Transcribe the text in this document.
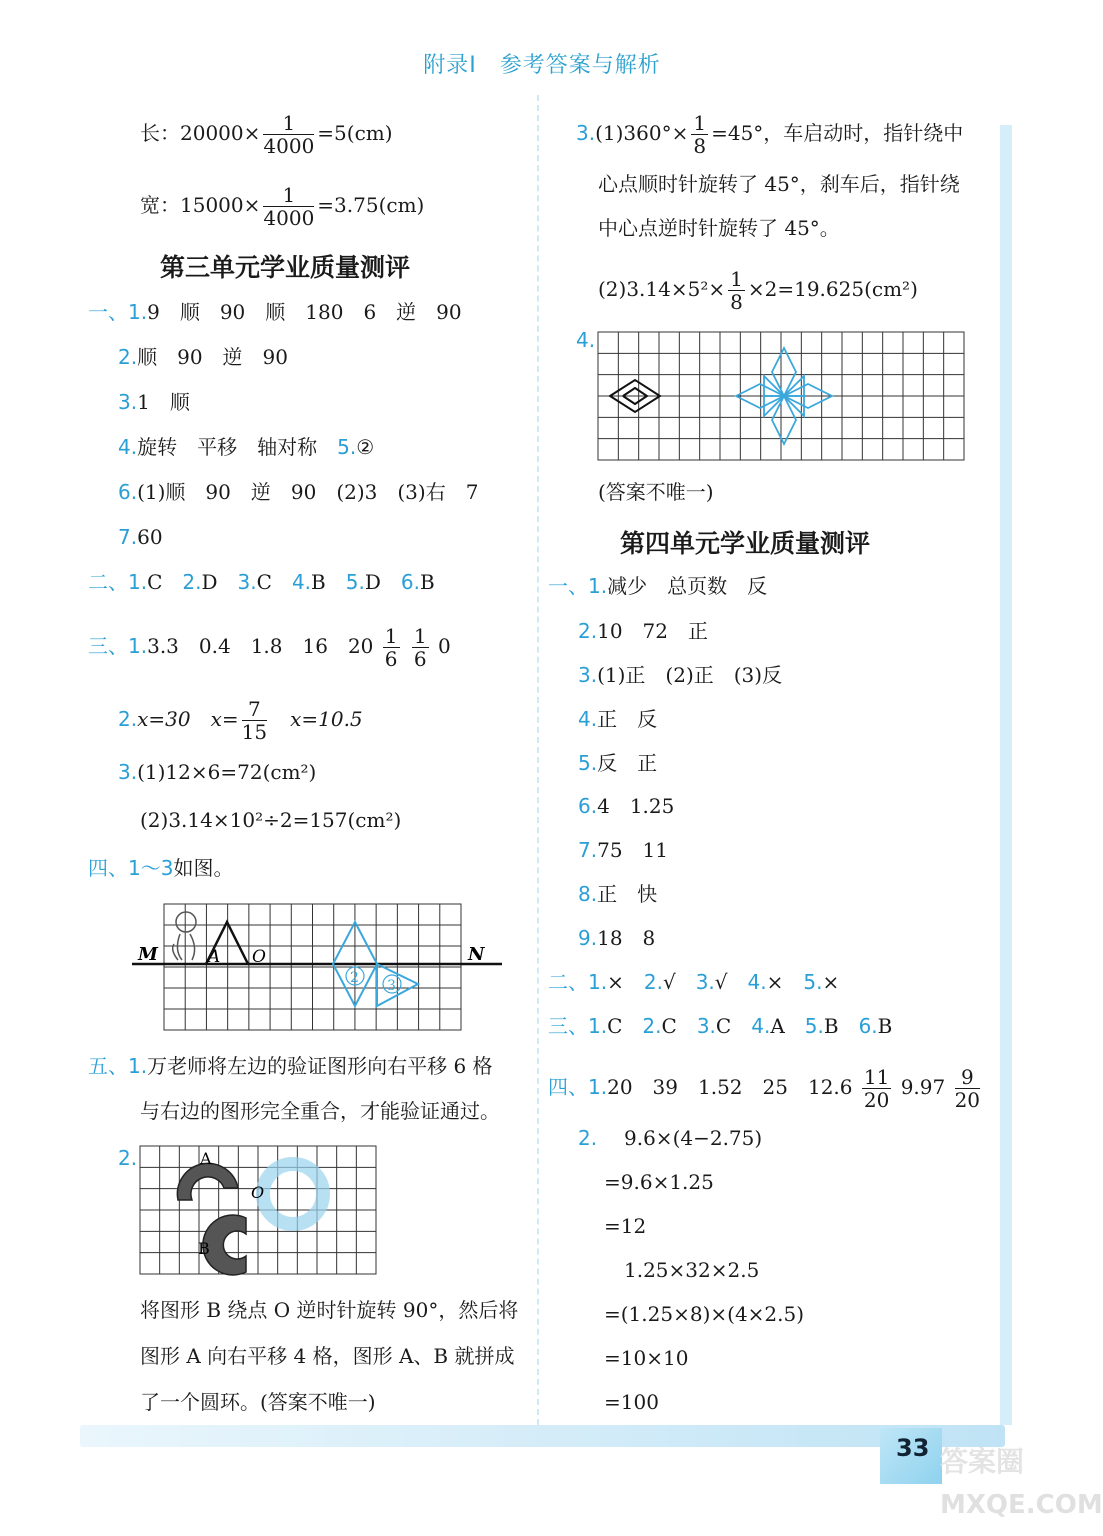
附录Ⅰ　参考答案与解析
长：$20000\times \frac{1}{4000} =5(cm)$
宽：$15000\times \frac{1}{4000} =3.75(cm)$
第三单元学业质量测评
一、1.9　顺　90　顺　180　6　逆　90
2.顺　90　逆　90
3.1　顺
4.旋转　平移　轴对称　5.②
6.(1)顺　90　逆　90　(2)3　(3)右　7
7.60
二、1.C　2.D　3.C　4.B　5.D　6.B
三、1.3.3　0.4　1.8　16　$20 \frac{1}{6}$
$\frac{1}{6} 0$
2.x=30　$x= \frac{7}{15}$
　 x=10.5
3.(1)12×6=72(cm²)
(2)3.14×10²÷2=157(cm²)
四、1～3如图。
M	A O	N
2 3
五、1.万老师将左边的验证图形向右平移 6 格
与右边的图形完全重合，才能验证通过。
2.	A
B
O
将图形 B 绕点 O 逆时针旋转 90°，然后将
图形 A 向右平移 4 格，图形 A、B 就拼成
了一个圆环。(答案不唯一)
$3.(1)360^\circ\times \frac{1}{8} =45^\circ$，车启动时，指针绕中
心点顺时针旋转了 45°，刹车后，指针绕
中心点逆时针旋转了 45°。
$(2)3.14\times 5^2\times \frac{1}{8} \times 2=19.625(cm^2)$
4.
(答案不唯一)
第四单元学业质量测评
一、1.减少　总页数　反
2.10　72　正
3.(1)正　(2)正　(3)反
4.正　反
5.反　正
6.4　1.25
7.75　11
8.正　快
9.18　8
二、1.×　2.√　3.√　4.×　5.×
三、1.C　2.C　3.C　4.A　5.B　6.B
四、1.20　39　1.52　25　$12.6 \frac{11}{20} 9.97 \frac{9}{20}$
2. 9.6×(4−2.75)
=9.6×1.25
=12
1.25×32×2.5
=(1.25×8)×(4×2.5)
=10×10
=100
33 答案圈
MXQE.COM
